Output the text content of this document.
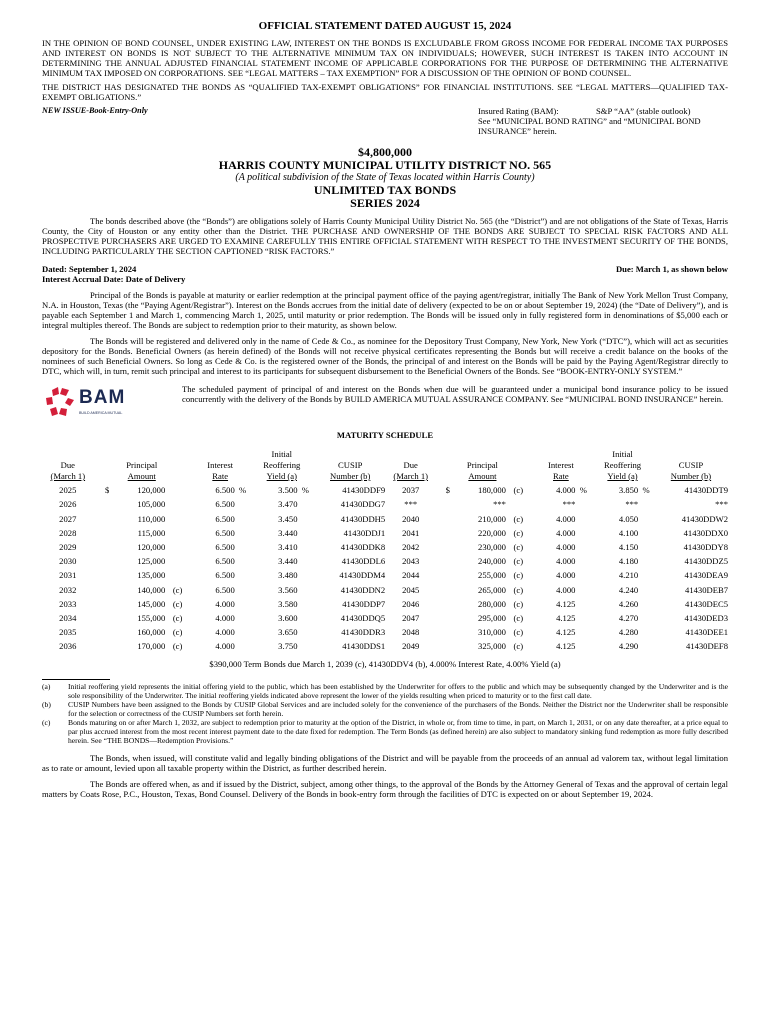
OFFICIAL STATEMENT DATED AUGUST 15, 2024

IN THE OPINION OF BOND COUNSEL, UNDER EXISTING LAW, INTEREST ON THE BONDS IS EXCLUDABLE FROM GROSS INCOME FOR FEDERAL INCOME TAX PURPOSES AND INTEREST ON BONDS IS NOT SUBJECT TO THE ALTERNATIVE MINIMUM TAX ON INDIVIDUALS; HOWEVER, SUCH INTEREST IS TAKEN INTO ACCOUNT IN DETERMINING THE ANNUAL ADJUSTED FINANCIAL STATEMENT INCOME OF APPLICABLE CORPORATIONS FOR THE PURPOSE OF DETERMINING THE ALTERNATIVE MINIMUM TAX IMPOSED ON CORPORATIONS. SEE “LEGAL MATTERS – TAX EXEMPTION” FOR A DISCUSSION OF THE OPINION OF BOND COUNSEL.

THE DISTRICT HAS DESIGNATED THE BONDS AS “QUALIFIED TAX-EXEMPT OBLIGATIONS” FOR FINANCIAL INSTITUTIONS. SEE “LEGAL MATTERS—QUALIFIED TAX-EXEMPT OBLIGATIONS.”

NEW ISSUE-Book-Entry-Only	Insured Rating (BAM):	S&P “AA” (stable outlook)
See “MUNICIPAL BOND RATING” and “MUNICIPAL BOND INSURANCE” herein.
$4,800,000
HARRIS COUNTY MUNICIPAL UTILITY DISTRICT NO. 565
(A political subdivision of the State of Texas located within Harris County)
UNLIMITED TAX BONDS
SERIES 2024

The bonds described above (the “Bonds”) are obligations solely of Harris County Municipal Utility District No. 565 (the “District”) and are not obligations of the State of Texas, Harris County, the City of Houston or any entity other than the District. THE PURCHASE AND OWNERSHIP OF THE BONDS ARE SUBJECT TO SPECIAL RISK FACTORS AND ALL PROSPECTIVE PURCHASERS ARE URGED TO EXAMINE CAREFULLY THIS ENTIRE OFFICIAL STATEMENT WITH RESPECT TO THE INVESTMENT SECURITY OF THE BONDS, INCLUDING PARTICULARLY THE SECTION CAPTIONED “RISK FACTORS.”

Dated: September 1, 2024	Due: March 1, as shown below

Interest Accrual Date: Date of Delivery

Principal of the Bonds is payable at maturity or earlier redemption at the principal payment office of the paying agent/registrar, initially The Bank of New York Mellon Trust Company, N.A. in Houston, Texas (the “Paying Agent/Registrar”). Interest on the Bonds accrues from the initial date of delivery (expected to be on or about September 19, 2024) (the “Date of Delivery”), and is payable each September 1 and March 1, commencing March 1, 2025, until maturity or prior redemption. The Bonds will be issued only in fully registered form in denominations of $5,000 each or integral multiples thereof. The Bonds are subject to redemption prior to their maturity, as shown below.

The Bonds will be registered and delivered only in the name of Cede & Co., as nominee for the Depository Trust Company, New York, New York (“DTC”), which will act as securities depository for the Bonds. Beneficial Owners (as herein defined) of the Bonds will not receive physical certificates representing the Bonds but will receive a credit balance on the books of the nominees of such Beneficial Owners. So long as Cede & Co. is the registered owner of the Bonds, the principal of and interest on the Bonds will be paid by the Paying Agent/Registrar directly to DTC, which will, in turn, remit such principal and interest to its participants for subsequent disbursement to the Beneficial Owners of the Bonds. See “BOOK-ENTRY-ONLY SYSTEM.”

BAM
BUILD AMERICA MUTUAL

The scheduled payment of principal of and interest on the Bonds when due will be guaranteed under a municipal bond insurance policy to be issued concurrently with the delivery of the Bonds by BUILD AMERICA MUTUAL ASSURANCE COMPANY. See “MUNICIPAL BOND INSURANCE” herein.

MATURITY SCHEDULE
						Initial									Initial		
Due	Principal			Interest		Reoffering		CUSIP	Due	Principal			Interest		Reoffering		CUSIP
(March 1)	Amount			Rate		Yield (a)		Number (b)	(March 1)	Amount			Rate		Yield (a)		Number (b)
2025	$	120,000		6.500	%	3.500	%	41430DDF9	2037	$	180,000	(c)	4.000	%	3.850	%	41430DDT9
2026		105,000		6.500		3.470		41430DDG7	***		***		***		***		***
2027		110,000		6.500		3.450		41430DDH5	2040		210,000	(c)	4.000		4.050		41430DDW2
2028		115,000		6.500		3.440		41430DDJ1	2041		220,000	(c)	4.000		4.100		41430DDX0
2029		120,000		6.500		3.410		41430DDK8	2042		230,000	(c)	4.000		4.150		41430DDY8
2030		125,000		6.500		3.440		41430DDL6	2043		240,000	(c)	4.000		4.180		41430DDZ5
2031		135,000		6.500		3.480		41430DDM4	2044		255,000	(c)	4.000		4.210		41430DEA9
2032		140,000	(c)	6.500		3.560		41430DDN2	2045		265,000	(c)	4.000		4.240		41430DEB7
2033		145,000	(c)	4.000		3.580		41430DDP7	2046		280,000	(c)	4.125		4.260		41430DEC5
2034		155,000	(c)	4.000		3.600		41430DDQ5	2047		295,000	(c)	4.125		4.270		41430DED3
2035		160,000	(c)	4.000		3.650		41430DDR3	2048		310,000	(c)	4.125		4.280		41430DEE1
2036		170,000	(c)	4.000		3.750		41430DDS1	2049		325,000	(c)	4.125		4.290		41430DEF8

$390,000 Term Bonds due March 1, 2039 (c), 41430DDV4 (b), 4.000% Interest Rate, 4.00% Yield (a)

(a)	Initial reoffering yield represents the initial offering yield to the public, which has been established by the Underwriter for offers to the public and which may be subsequently changed by the Underwriter and is the sole responsibility of the Underwriter. The initial reoffering yields indicated above represent the lower of the yields resulting when priced to maturity or to the first call date.
(b)	CUSIP Numbers have been assigned to the Bonds by CUSIP Global Services and are included solely for the convenience of the purchasers of the Bonds. Neither the District nor the Underwriter shall be responsible for the selection or correctness of the CUSIP Numbers set forth herein.
(c)	Bonds maturing on or after March 1, 2032, are subject to redemption prior to maturity at the option of the District, in whole or, from time to time, in part, on March 1, 2031, or on any date thereafter, at a price equal to par plus accrued interest from the most recent interest payment date to the date fixed for redemption. The Term Bonds (as defined herein) are also subject to mandatory sinking fund redemption as more fully described herein. See “THE BONDS—Redemption Provisions.”

The Bonds, when issued, will constitute valid and legally binding obligations of the District and will be payable from the proceeds of an annual ad valorem tax, without legal limitation as to rate or amount, levied upon all taxable property within the District, as further described herein.

The Bonds are offered when, as and if issued by the District, subject, among other things, to the approval of the Bonds by the Attorney General of Texas and the approval of certain legal matters by Coats Rose, P.C., Houston, Texas, Bond Counsel. Delivery of the Bonds in book-entry form through the facilities of DTC is expected on or about September 19, 2024.
